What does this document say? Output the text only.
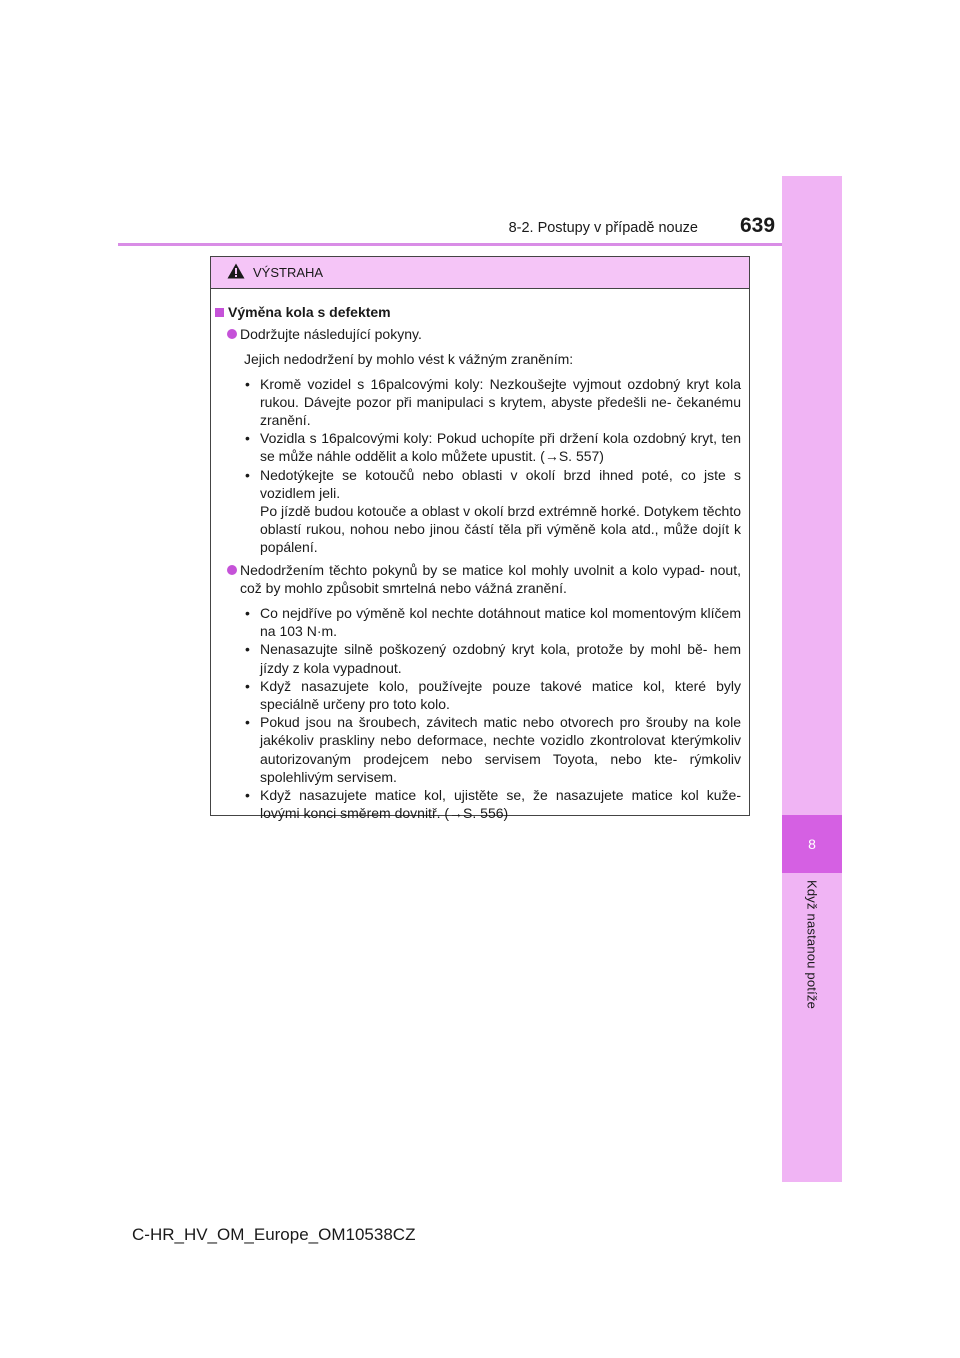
8
Když nastanou potíže
8-2. Postupy v případě nouze 639
VÝSTRAHA
Výměna kola s defektem
Dodržujte následující pokyny.
Jejich nedodržení by mohlo vést k vážným zraněním:
• Kromě vozidel s 16palcovými koly: Nezkoušejte vyjmout ozdobný kryt kola rukou. Dávejte pozor při manipulaci s krytem, abyste předešli ne- čekanému zranění.
• Vozidla s 16palcovými koly: Pokud uchopíte při držení kola ozdobný kryt, ten se může náhle oddělit a kolo můžete upustit. (→S. 557)
• Nedotýkejte se kotoučů nebo oblasti v okolí brzd ihned poté, co jste s vozidlem jeli.
Po jízdě budou kotouče a oblast v okolí brzd extrémně horké. Dotykem těchto oblastí rukou, nohou nebo jinou částí těla při výměně kola atd., může dojít k popálení.
Nedodržením těchto pokynů by se matice kol mohly uvolnit a kolo vypad- nout, což by mohlo způsobit smrtelná nebo vážná zranění.
• Co nejdříve po výměně kol nechte dotáhnout matice kol momentovým klíčem na 103 N·m.
• Nenasazujte silně poškozený ozdobný kryt kola, protože by mohl bě- hem jízdy z kola vypadnout.
• Když nasazujete kolo, používejte pouze takové matice kol, které byly speciálně určeny pro toto kolo.
• Pokud jsou na šroubech, závitech matic nebo otvorech pro šrouby na kole jakékoliv praskliny nebo deformace, nechte vozidlo zkontrolovat kterýmkoliv autorizovaným prodejcem nebo servisem Toyota, nebo kte- rýmkoliv spolehlivým servisem.
• Když nasazujete matice kol, ujistěte se, že nasazujete matice kol kuže- lovými konci směrem dovnitř. (→S. 556)
C-HR_HV_OM_Europe_OM10538CZ
